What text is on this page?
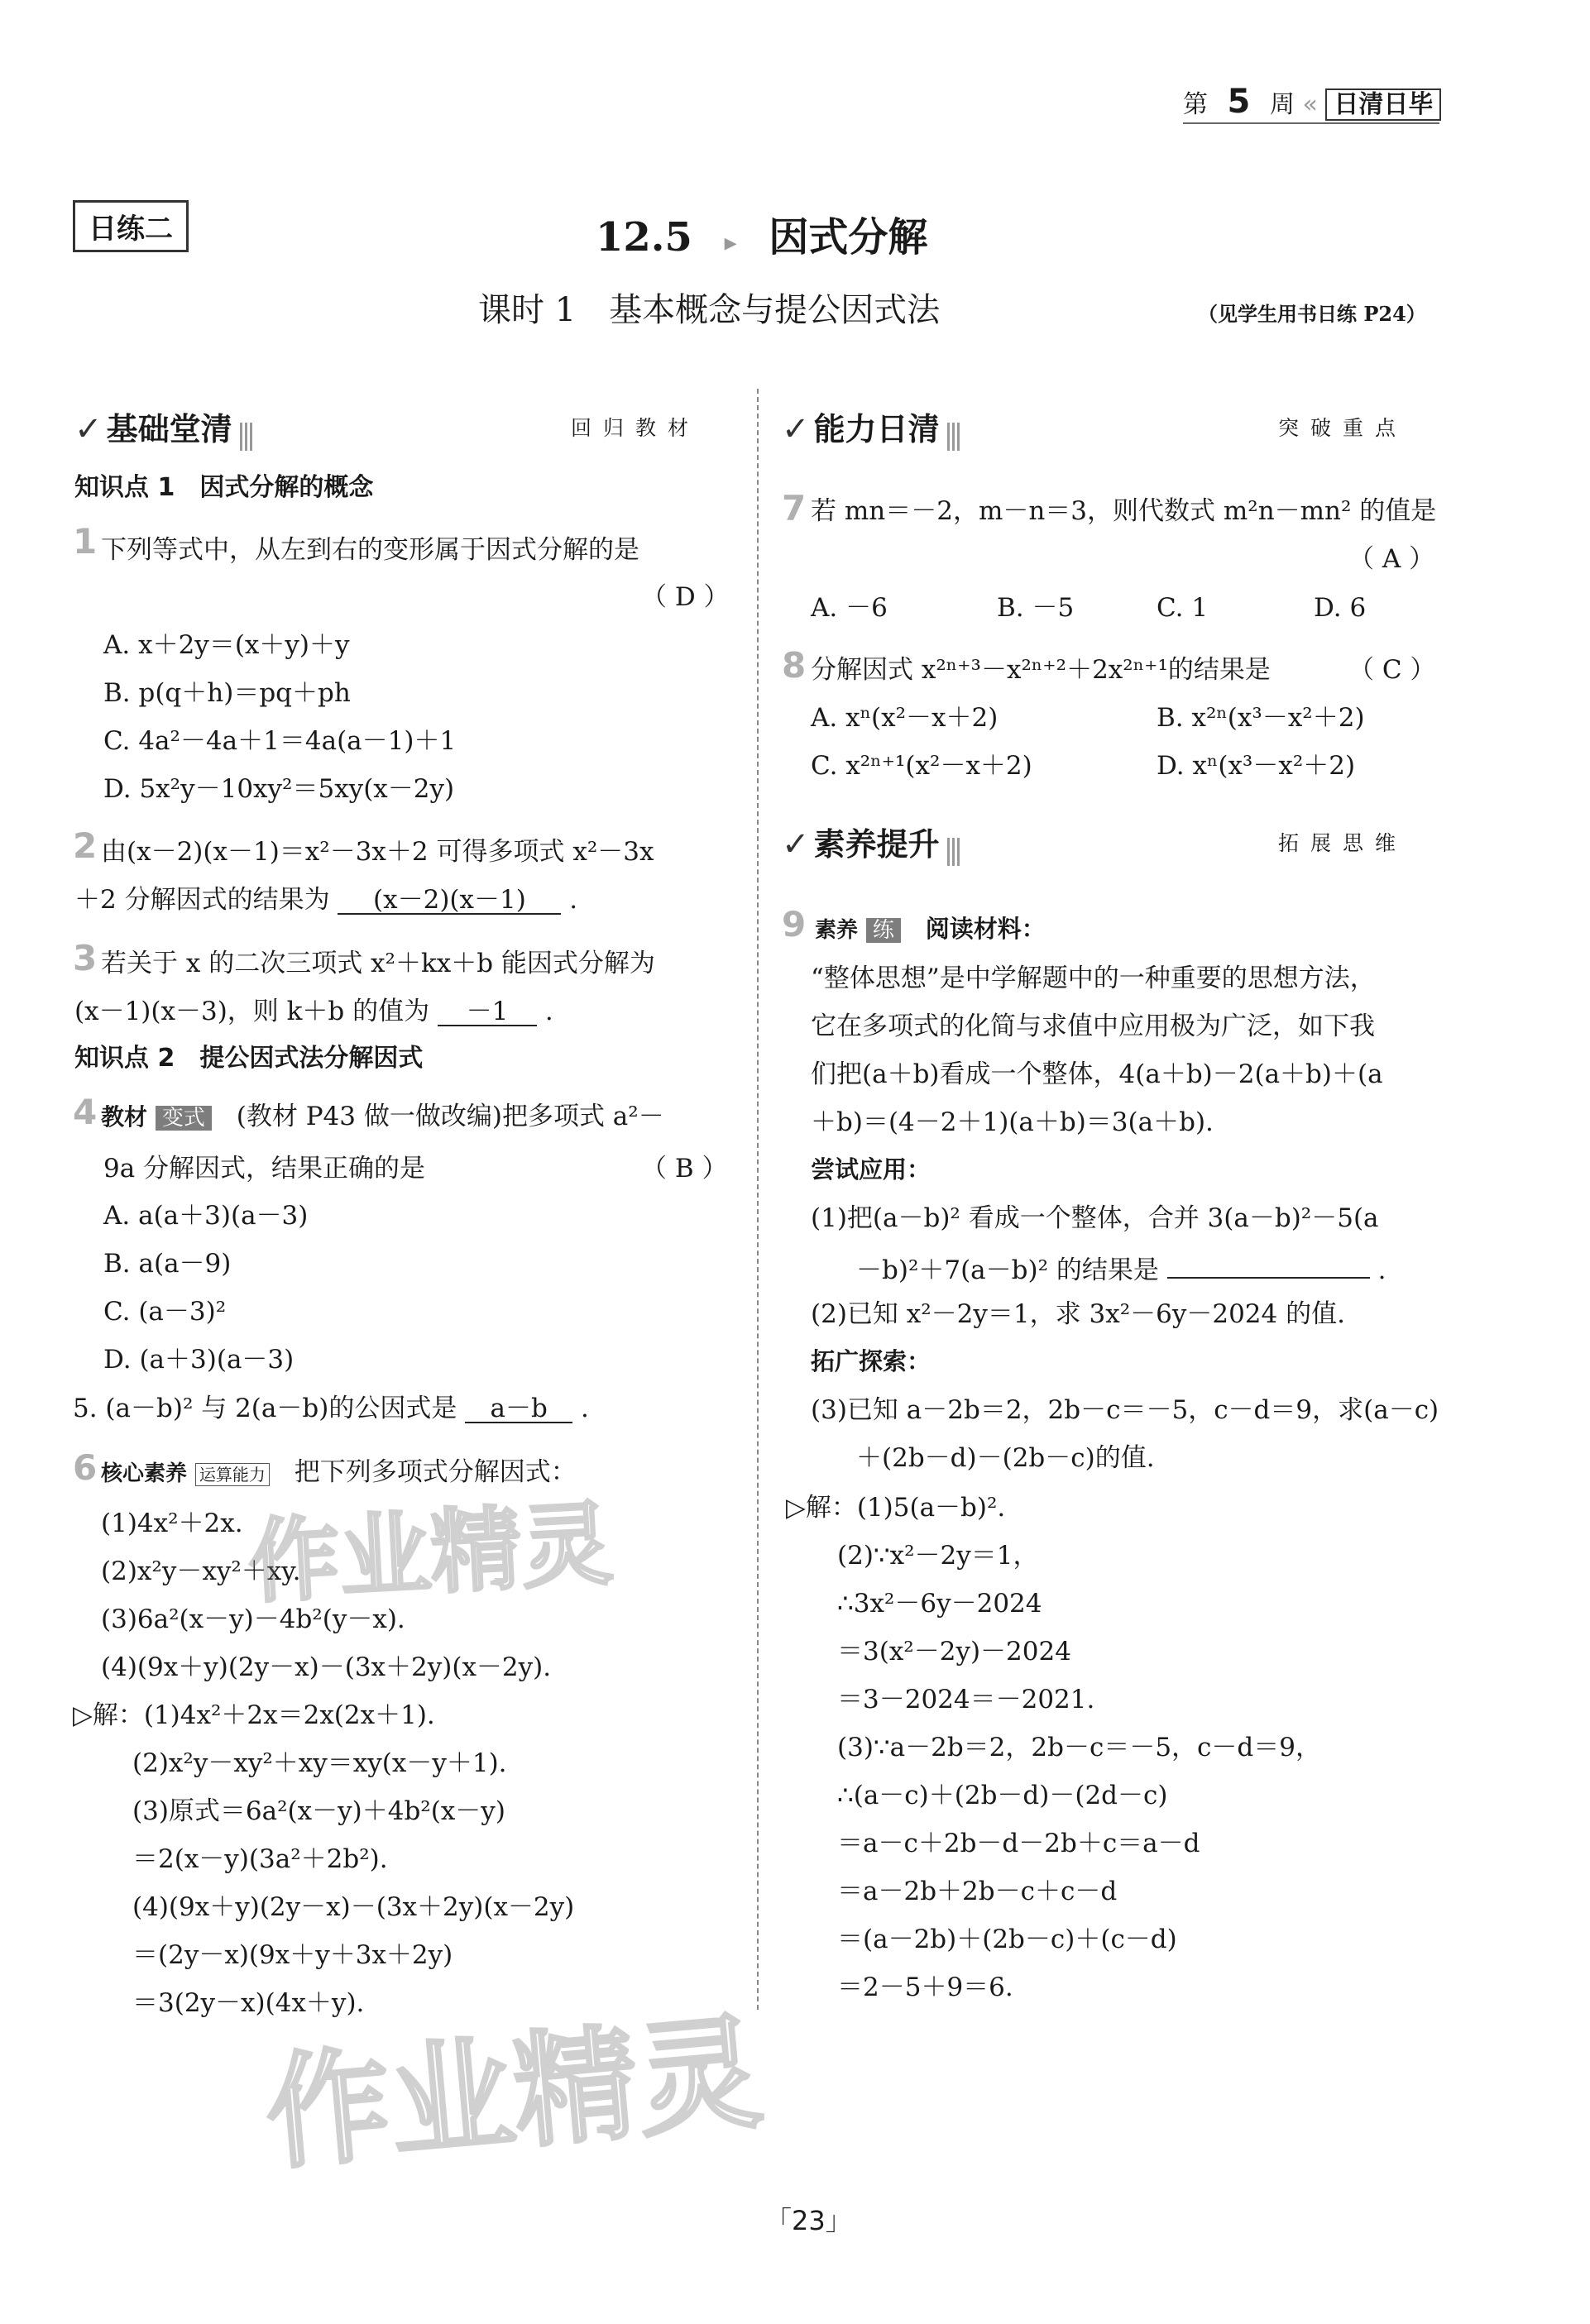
第 5 周 « 日清日毕
日练二	12.5 ▸ 因式分解
课时 1　基本概念与提公因式法	（见学生用书日练 P24）
✓ 基础堂清	回归教材
知识点 1　因式分解的概念
1 下列等式中，从左到右的变形属于因式分解的是
（ D ）
A. x＋2y＝(x＋y)＋y
B. p(q＋h)＝pq＋ph
C. 4a²－4a＋1＝4a(a－1)＋1
D. 5x²y－10xy²＝5xy(x－2y)
2 由(x－2)(x－1)＝x²－3x＋2 可得多项式 x²－3x
＋2 分解因式的结果为 (x－2)(x－1) .
3 若关于 x 的二次三项式 x²＋kx＋b 能因式分解为
(x－1)(x－3)，则 k＋b 的值为 －1 .
知识点 2　提公因式法分解因式
4 教材 变式 (教材 P43 做一做改编)把多项式 a²－
9a 分解因式，结果正确的是	（ B ）
A. a(a＋3)(a－3)
B. a(a－9)
C. (a－3)²
D. (a＋3)(a－3)
5. (a－b)² 与 2(a－b)的公因式是 a－b .
6 核心素养 运算能力 把下列多项式分解因式：
(1)4x²＋2x.
(2)x²y－xy²＋xy.
(3)6a²(x－y)－4b²(y－x).
(4)(9x＋y)(2y－x)－(3x＋2y)(x－2y).
▷解：(1)4x²＋2x＝2x(2x＋1).
(2)x²y－xy²＋xy＝xy(x－y＋1).
(3)原式＝6a²(x－y)＋4b²(x－y)
＝2(x－y)(3a²＋2b²).
(4)(9x＋y)(2y－x)－(3x＋2y)(x－2y)
＝(2y－x)(9x＋y＋3x＋2y)
＝3(2y－x)(4x＋y).
✓ 能力日清	突破重点
7 若 mn＝－2，m－n＝3，则代数式 m²n－mn² 的值是
（ A ）
A. －6	B. －5	C. 1	D. 6
8 分解因式 x²ⁿ⁺³－x²ⁿ⁺²＋2x²ⁿ⁺¹的结果是	（ C ）
A. xⁿ(x²－x＋2)	B. x²ⁿ(x³－x²＋2)
C. x²ⁿ⁺¹(x²－x＋2)	D. xⁿ(x³－x²＋2)
✓ 素养提升	拓展思维
9 素养 练 阅读材料：
“整体思想”是中学解题中的一种重要的思想方法，
它在多项式的化简与求值中应用极为广泛，如下我
们把(a＋b)看成一个整体，4(a＋b)－2(a＋b)＋(a
＋b)＝(4－2＋1)(a＋b)＝3(a＋b).
尝试应用：
(1)把(a－b)² 看成一个整体，合并 3(a－b)²－5(a
－b)²＋7(a－b)² 的结果是	.
(2)已知 x²－2y＝1，求 3x²－6y－2024 的值.
拓广探索：
(3)已知 a－2b＝2，2b－c＝－5，c－d＝9，求(a－c)
＋(2b－d)－(2b－c)的值.
▷解：(1)5(a－b)².
(2)∵x²－2y＝1，
∴3x²－6y－2024
＝3(x²－2y)－2024
＝3－2024＝－2021.
(3)∵a－2b＝2，2b－c＝－5，c－d＝9，
∴(a－c)＋(2b－d)－(2d－c)
＝a－c＋2b－d－2b＋c＝a－d
＝a－2b＋2b－c＋c－d
＝(a－2b)＋(2b－c)＋(c－d)
＝2－5＋9＝6.
作业精灵
作业精灵
「23」
